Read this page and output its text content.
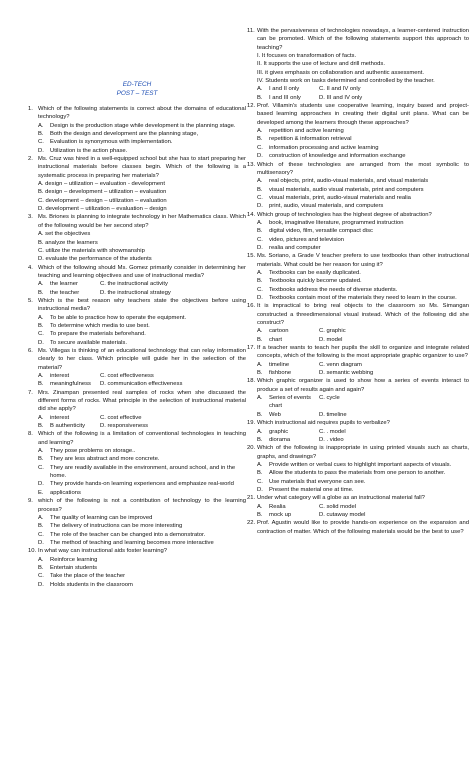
ED-TECH
POST – TEST
1. Which of the following statements is correct about the domains of educational technology?
A.	Design is the production stage while development is the planning stage.
B.	Both the design and development are the planning stage,
C.	Evaluation is synonymous with implementation.
D.	Utilization is the action phase.
2. Ms. Cruz was hired in a well-equipped school but she has to start preparing her instructional materials before classes begin. Which of the following is a systematic process in preparing her materials?
A. design – utilization – evaluation - development
B. design – development – utilization – evaluation
C. development – design – utilization – evaluation
D. development – utilization – evaluation – design
3. Ms. Briones is planning to integrate technology in her Mathematics class. Which of the following would be her second step?
A. set the objectives
B. analyze the learners
C. utilize the materials with showmanship
D. evaluate the performance of the students
4. Which of the following should Ms. Gomez primarily consider in determining her teaching and learning objectives and use of instructional media?
A.	the learner	C. the instructional activity
B.	the teacher	D. the instructional strategy
5. Which is the best reason why teachers state the objectives before using instructional media?
A.	To be able to practice how to operate the equipment.
B.	To determine which media to use best.
C.	To prepare the materials beforehand.
D.	To secure available materials.
6. Ms. Villegas is thinking of an educational technology that can relay information clearly to her class. Which principle will guide her in the selection of the material?
A.	interest	C. cost effectiveness
B.	meaningfulness	D. communication effectiveness
7. Mrs. Zinampan presented real samples of rocks when she discussed the different forms of rocks. What principle in the selection of instructional material did she apply?
A.	interest	C. cost effective
B.	B authenticity	D. responsiveness
8. Which of the following is a limitation of conventional technologies in teaching and learning?
A.	They pose problems on storage..
B.	They are less abstract and more concrete.
C.	They are readily available in the environment, around school, and in the home.
D.	They provide hands-on learning experiences and emphasize real-world
E.	applications
9. which of the following is not a contribution of technology to the learning process?
A.	The quality of learning can be improved
B.	The delivery of instructions can be more interesting
C.	The role of the teacher can be changed into a demonstrator.
D.	The method of teaching and learning becomes more interactive
10. In what way can instructional aids foster learning?
A.	Reinforce learning
B.	Entertain students
C.	Take the place of the teacher
D.	Holds students in the classroom
11. With the pervasiveness of technologies nowadays, a learner-centered instruction can be promoted. Which of the following statements support this approach to teaching?
I. It focuses on transformation of facts.
II. It supports the use of lecture and drill methods.
III. it gives emphasis on collaboration and authentic assessment.
IV. Students work on tasks determined and controlled by the teacher.
A.	I and II only	C. II and IV only
B.	I and III only	D. III and IV only
12. Prof. Villamin's students use cooperative learning, inquiry based and project-based learning approaches in creating their digital unit plans. What can be developed among the learners through these approaches?
A.	repetition and active learning
B.	repetition & information retrieval
C.	information processing and active learning
D.	construction of knowledge and information exchange
13. Which of these technologies are arranged from the most symbolic to multisensory?
A.	real objects, print, audio-visual materials, and visual materials
B.	visual materials, audio visual materials, print and computers
C.	visual materials, print, audio-visual materials and realia
D.	print, audio, visual materials, and computers
14. Which group of technologies has the highest degree of abstraction?
A.	book, imaginative literature, programmed instruction
B.	digital video, film, versatile compact disc
C.	video, pictures and television
D.	realia and computer
15. Ms. Soriano, a Grade V teacher prefers to use textbooks than other instructional materials. What could be her reason for using it?
A.	Textbooks can be easily duplicated.
B.	Textbooks quickly become updated.
C.	Textbooks address the needs of diverse students.
D.	Textbooks contain most of the materials they need to learn in the course.
16. It is impractical to bring real objects to the classroom so Ms. Simangan constructed a threedimensional visual instead. Which of the following did she construct?
A.	cartoon	C. graphic
B.	chart	D. model
17. If a teacher wants to teach her pupils the skill to organize and integrate related concepts, which of the following is the most appropriate graphic organizer to use?
A.	timeline	C. venn diagram
B.	fishbone	D. semantic webbing
18. Which graphic organizer is used to show how a series of events interact to produce a set of results again and again?
A.	Series of events chart
C. cycle
B.	Web	D. timeline
19. Which instructional aid requires pupils to verbalize?
A.	graphic	C. . model
B.	diorama	D. . video
20. Which of the following is inappropriate in using printed visuals such as charts, graphs, and drawings?
A.	Provide written or verbal cues to highlight important aspects of visuals.
B.	Allow the students to pass the materials from one person to another.
C.	Use materials that everyone can see.
D.	Present the material one at time.
21. Under what category will a globe as an instructional material fall?
A.	Realia	C. solid model
B.	mock up	D. cutaway model
22. Prof. Agustin would like to provide hands-on experience on the expansion and contraction of matter. Which of the following materials would be the best to use?
